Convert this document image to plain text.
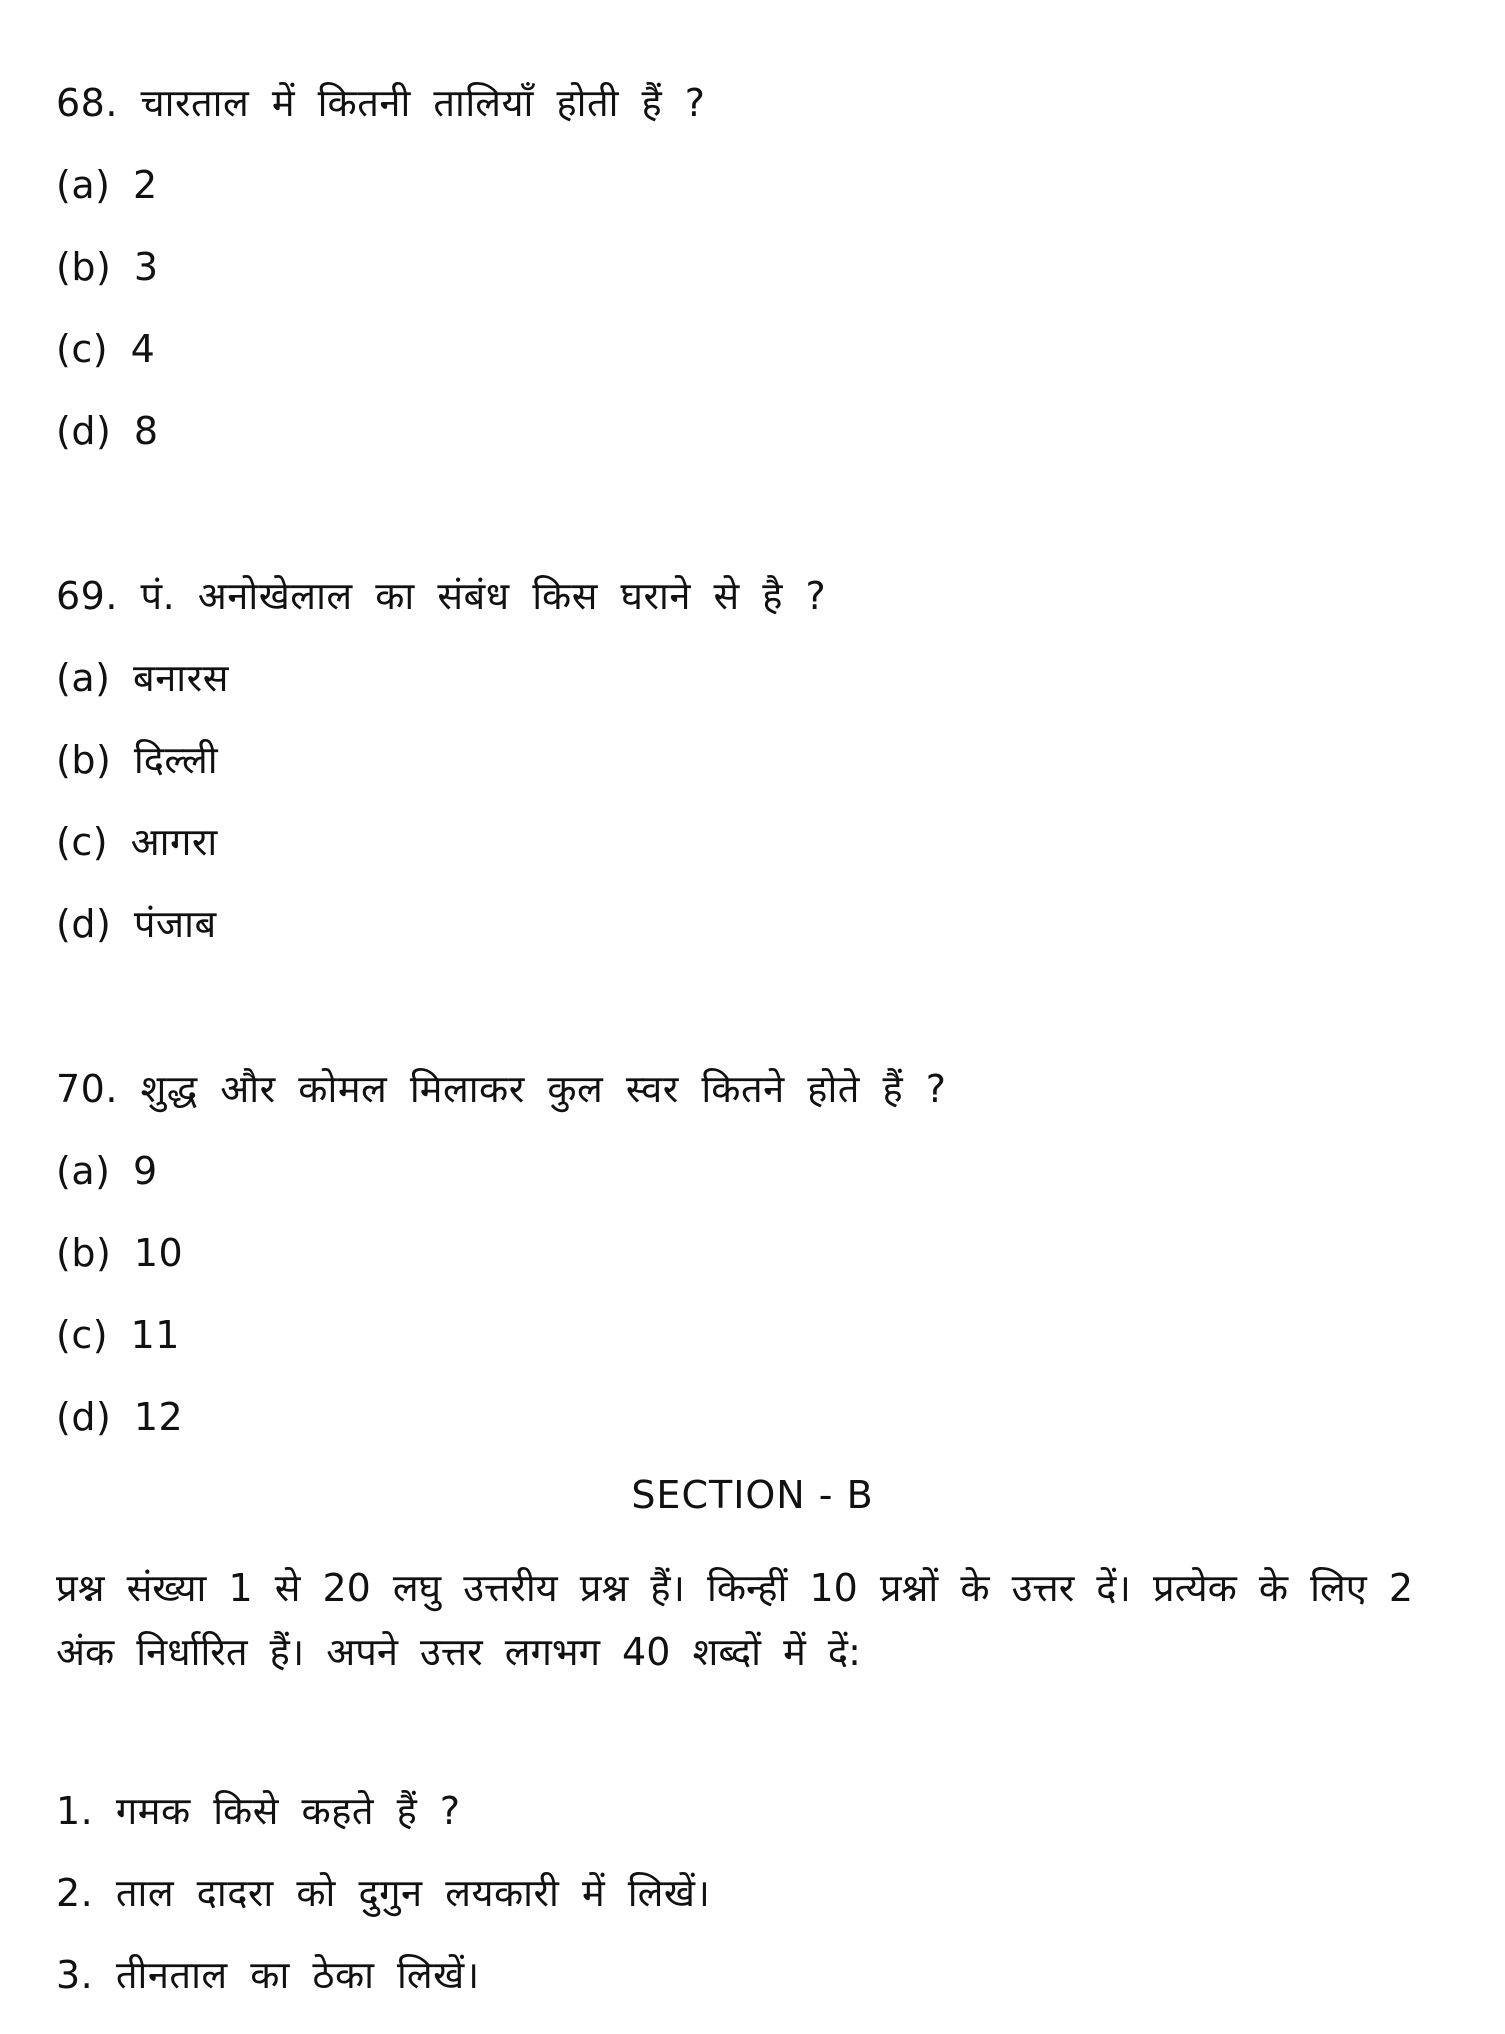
68. चारताल में कितनी तालियाँ होती हैं ?
(a) 2
(b) 3
(c) 4
(d) 8
69. पं. अनोखेलाल का संबंध किस घराने से है ?
(a) बनारस
(b) दिल्ली
(c) आगरा
(d) पंजाब
70. शुद्ध और कोमल मिलाकर कुल स्वर कितने होते हैं ?
(a) 9
(b) 10
(c) 11
(d) 12
SECTION - B
प्रश्न संख्या 1 से 20 लघु उत्तरीय प्रश्न हैं। किन्हीं 10 प्रश्नों के उत्तर दें। प्रत्येक के लिए 2 अंक निर्धारित हैं। अपने उत्तर लगभग 40 शब्दों में दें:
1. गमक किसे कहते हैं ?
2. ताल दादरा को दुगुन लयकारी में लिखें।
3. तीनताल का ठेका लिखें।
